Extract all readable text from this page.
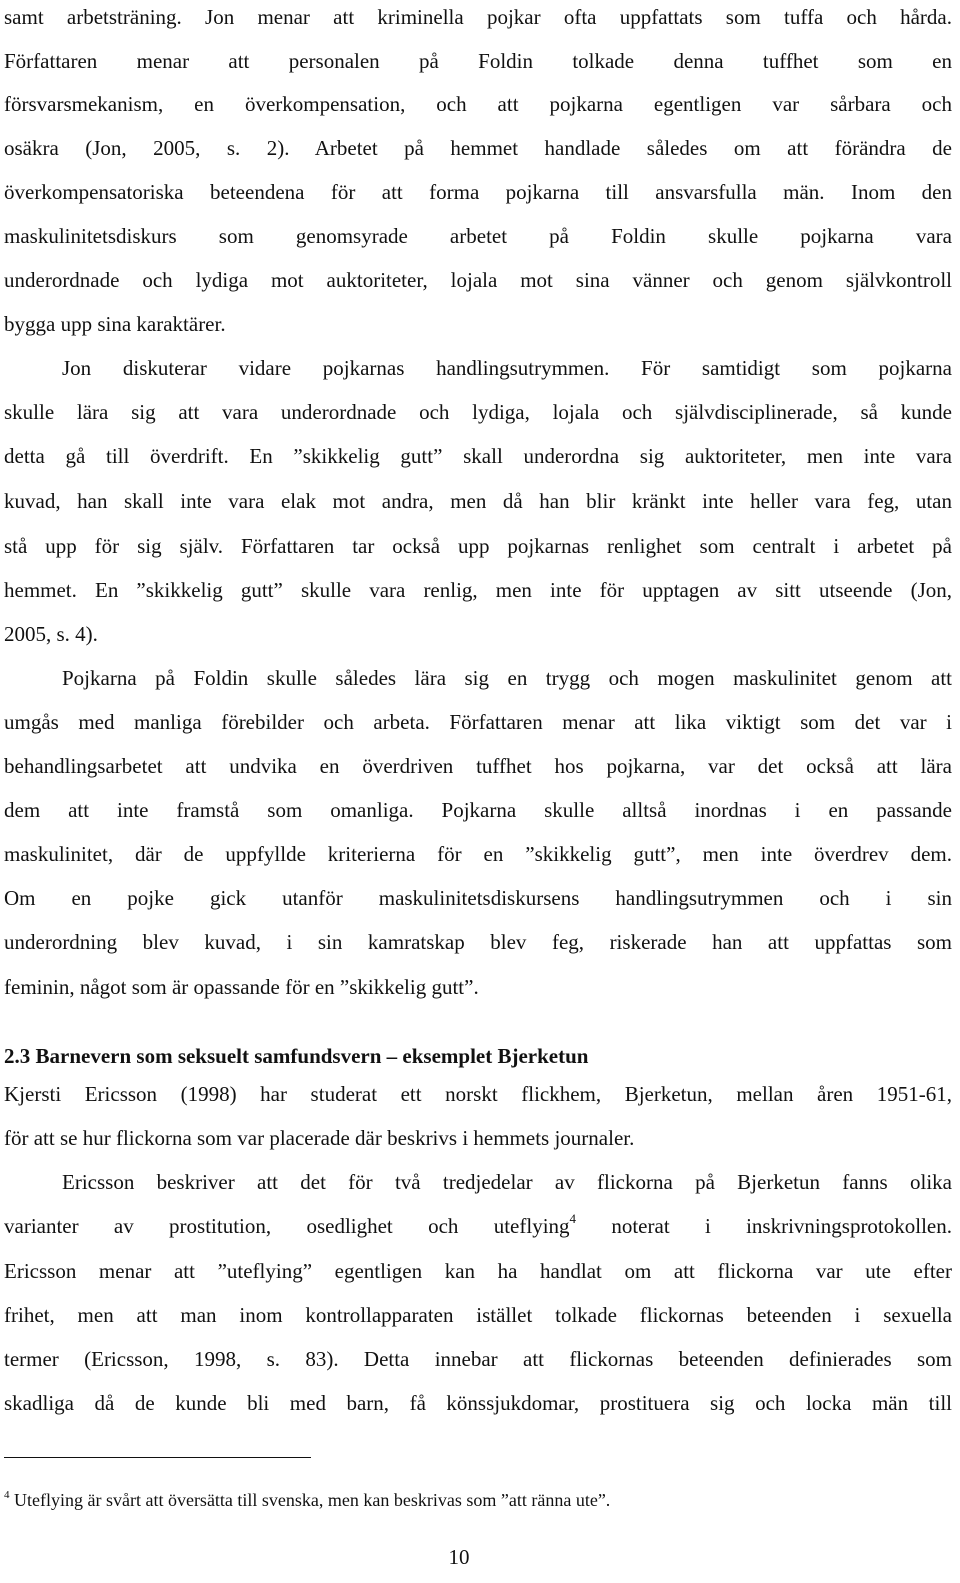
samt arbetsträning. Jon menar att kriminella pojkar ofta uppfattats som tuffa och hårda.

Författaren menar att personalen på Foldin tolkade denna tuffhet som en

försvarsmekanism, en överkompensation, och att pojkarna egentligen var sårbara och

osäkra (Jon, 2005, s. 2). Arbetet på hemmet handlade således om att förändra de

överkompensatoriska beteendena för att forma pojkarna till ansvarsfulla män. Inom den

maskulinitetsdiskurs som genomsyrade arbetet på Foldin skulle pojkarna vara

underordnade och lydiga mot auktoriteter, lojala mot sina vänner och genom självkontroll

bygga upp sina karaktärer.

Jon diskuterar vidare pojkarnas handlingsutrymmen. För samtidigt som pojkarna

skulle lära sig att vara underordnade och lydiga, lojala och självdisciplinerade, så kunde

detta gå till överdrift. En ”skikkelig gutt” skall underordna sig auktoriteter, men inte vara

kuvad, han skall inte vara elak mot andra, men då han blir kränkt inte heller vara feg, utan

stå upp för sig själv. Författaren tar också upp pojkarnas renlighet som centralt i arbetet på

hemmet. En ”skikkelig gutt” skulle vara renlig, men inte för upptagen av sitt utseende (Jon,

2005, s. 4).

Pojkarna på Foldin skulle således lära sig en trygg och mogen maskulinitet genom att

umgås med manliga förebilder och arbeta. Författaren menar att lika viktigt som det var i

behandlingsarbetet att undvika en överdriven tuffhet hos pojkarna, var det också att lära

dem att inte framstå som omanliga. Pojkarna skulle alltså inordnas i en passande

maskulinitet, där de uppfyllde kriterierna för en ”skikkelig gutt”, men inte överdrev dem.

Om en pojke gick utanför maskulinitetsdiskursens handlingsutrymmen och i sin

underordning blev kuvad, i sin kamratskap blev feg, riskerade han att uppfattas som

feminin, något som är opassande för en ”skikkelig gutt”.

2.3 Barnevern som seksuelt samfundsvern – eksemplet Bjerketun

Kjersti Ericsson (1998) har studerat ett norskt flickhem, Bjerketun, mellan åren 1951-61,

för att se hur flickorna som var placerade där beskrivs i hemmets journaler.

Ericsson beskriver att det för två tredjedelar av flickorna på Bjerketun fanns olika

varianter av prostitution, osedlighet och uteflying$^4$ noterat i inskrivningsprotokollen.

Ericsson menar att ”uteflying” egentligen kan ha handlat om att flickorna var ute efter

frihet, men att man inom kontrollapparaten istället tolkade flickornas beteenden i sexuella

termer (Ericsson, 1998, s. 83). Detta innebar att flickornas beteenden definierades som

skadliga då de kunde bli med barn, få könssjukdomar, prostituera sig och locka män till

$^4$ Uteflying är svårt att översätta till svenska, men kan beskrivas som ”att ränna ute”.

10
